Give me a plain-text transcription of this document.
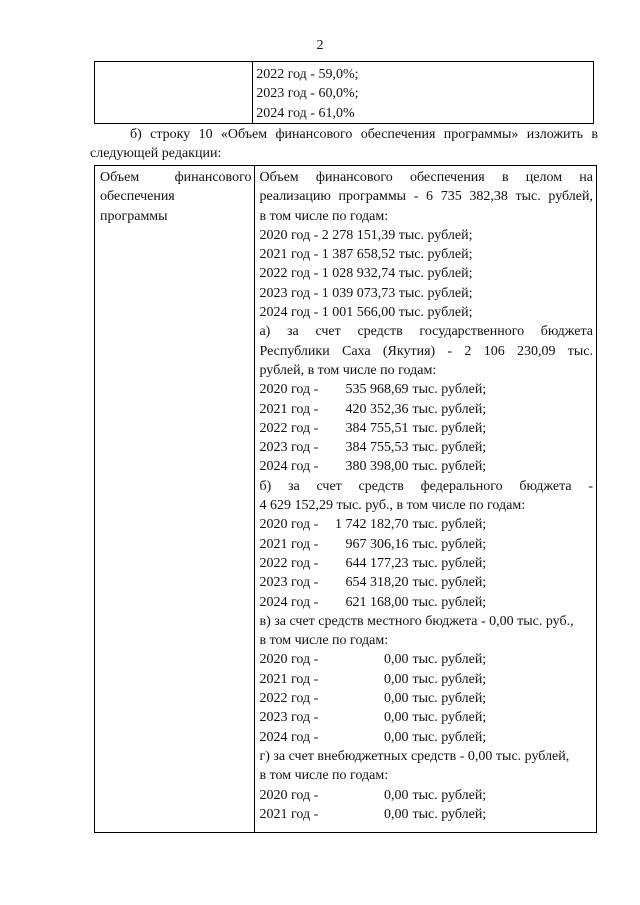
2

2022 год - 59,0%;
2023 год - 60,0%;
2024 год - 61,0%
б) строку 10 «Объем финансового обеспечения программы» изложить в
следующей редакции:
Объем	финансового
обеспечения
программы

Объем финансового обеспечения в целом на
реализацию программы - 6 735 382,38 тыс. рублей,
в том числе по годам:
2020 год - 2 278 151,39 тыс. рублей;
2021 год - 1 387 658,52 тыс. рублей;
2022 год - 1 028 932,74 тыс. рублей;
2023 год - 1 039 073,73 тыс. рублей;
2024 год - 1 001 566,00 тыс. рублей;
а) за счет средств государственного бюджета
Республики Саха (Якутия) - 2 106 230,09 тыс.
рублей, в том числе по годам:
2020 год -	535 968,69 тыс. рублей;
2021 год -	420 352,36 тыс. рублей;
2022 год -	384 755,51 тыс. рублей;
2023 год -	384 755,53 тыс. рублей;
2024 год -	380 398,00 тыс. рублей;
б) за счет средств федерального бюджета -
4 629 152,29 тыс. руб., в том числе по годам:
2020 год -	1 742 182,70 тыс. рублей;
2021 год -	967 306,16 тыс. рублей;
2022 год -	644 177,23 тыс. рублей;
2023 год -	654 318,20 тыс. рублей;
2024 год -	621 168,00 тыс. рублей;
в) за счет средств местного бюджета - 0,00 тыс. руб.,
в том числе по годам:
2020 год -	0,00 тыс. рублей;
2021 год -	0,00 тыс. рублей;
2022 год -	0,00 тыс. рублей;
2023 год -	0,00 тыс. рублей;
2024 год -	0,00 тыс. рублей;
г) за счет внебюджетных средств - 0,00 тыс. рублей,
в том числе по годам:
2020 год -	0,00 тыс. рублей;
2021 год -	0,00 тыс. рублей;
